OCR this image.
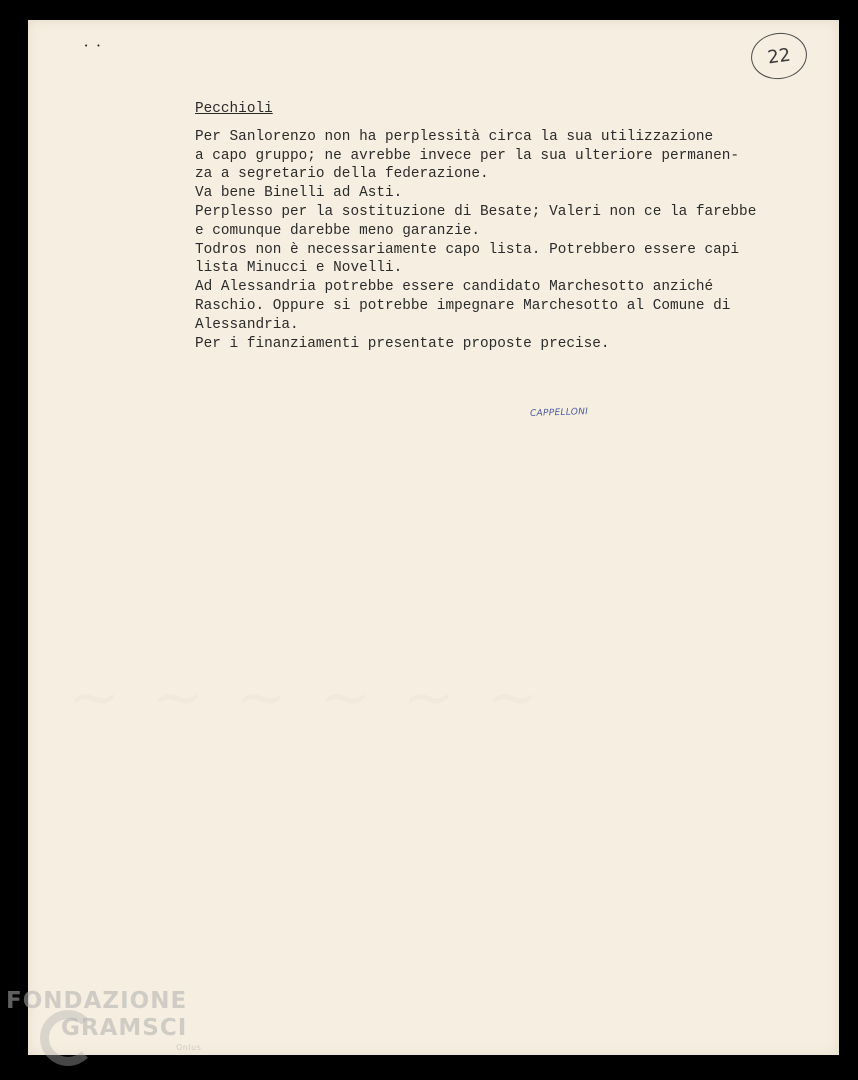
~ ~ ~ ~ ~ ~
• •	22
Pecchioli
Per Sanlorenzo non ha perplessità circa la sua utilizzazione
a capo gruppo; ne avrebbe invece per la sua ulteriore permanen-
za a segretario della federazione.
Va bene Binelli ad Asti.
Perplesso per la sostituzione di Besate; Valeri non ce la farebbe
e comunque darebbe meno garanzie.
Todros non è necessariamente capo lista. Potrebbero essere capi
lista Minucci e Novelli.
Ad Alessandria potrebbe essere candidato Marchesotto anziché
Raschio. Oppure si potrebbe impegnare Marchesotto al Comune di
Alessandria.
Per i finanziamenti presentate proposte precise.
CAPPELLONI
FONDAZIONE
GRAMSCI
Onlus
